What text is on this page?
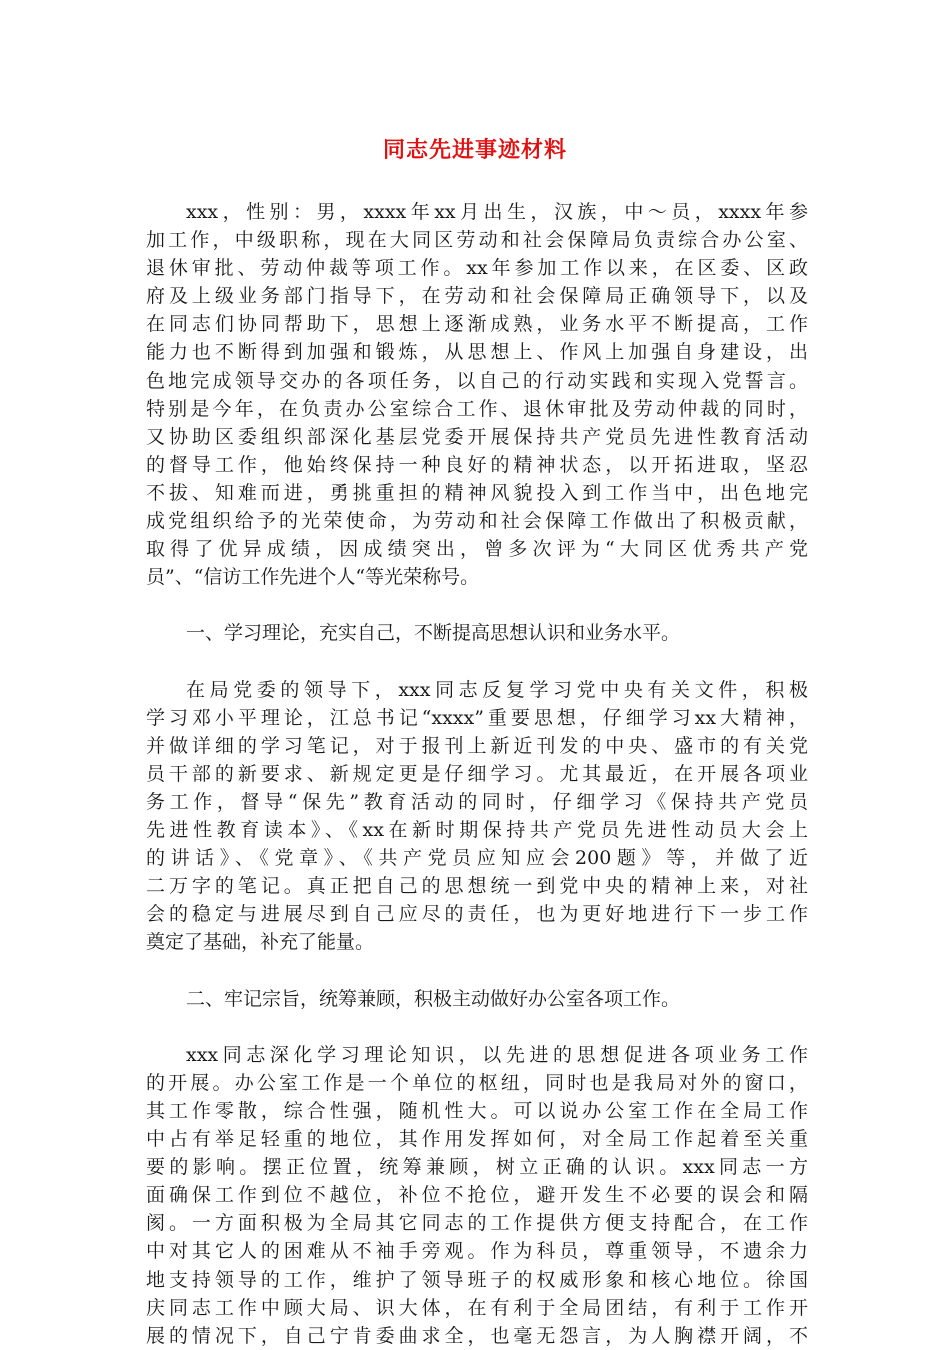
同志先进事迹材料
xxx，性别：男，xxxx年xx月出生，汉族，中～员，xxxx年参
加工作，中级职称，现在大同区劳动和社会保障局负责综合办公室、
退休审批、劳动仲裁等项工作。xx年参加工作以来，在区委、区政
府及上级业务部门指导下，在劳动和社会保障局正确领导下，以及
在同志们协同帮助下，思想上逐渐成熟，业务水平不断提高，工作
能力也不断得到加强和锻炼，从思想上、作风上加强自身建设，出
色地完成领导交办的各项任务，以自己的行动实践和实现入党誓言。
特别是今年，在负责办公室综合工作、退休审批及劳动仲裁的同时，
又协助区委组织部深化基层党委开展保持共产党员先进性教育活动
的督导工作，他始终保持一种良好的精神状态，以开拓进取，坚忍
不拔、知难而进，勇挑重担的精神风貌投入到工作当中，出色地完
成党组织给予的光荣使命，为劳动和社会保障工作做出了积极贡献，
取得了优异成绩，因成绩突出，曾多次评为“大同区优秀共产党
员”、“信访工作先进个人“等光荣称号。
一、学习理论，充实自己，不断提高思想认识和业务水平。
在局党委的领导下，xxx同志反复学习党中央有关文件，积极
学习邓小平理论，江总书记“xxxx”重要思想，仔细学习xx大精神，
并做详细的学习笔记，对于报刊上新近刊发的中央、盛市的有关党
员干部的新要求、新规定更是仔细学习。尤其最近，在开展各项业
务工作，督导“保先”教育活动的同时，仔细学习《保持共产党员
先进性教育读本》、《xx在新时期保持共产党员先进性动员大会上
的讲话》、《党章》、《共产党员应知应会200题》等，并做了近
二万字的笔记。真正把自己的思想统一到党中央的精神上来，对社
会的稳定与进展尽到自己应尽的责任，也为更好地进行下一步工作
奠定了基础，补充了能量。
二、牢记宗旨，统筹兼顾，积极主动做好办公室各项工作。
xxx同志深化学习理论知识，以先进的思想促进各项业务工作
的开展。办公室工作是一个单位的枢纽，同时也是我局对外的窗口，
其工作零散，综合性强，随机性大。可以说办公室工作在全局工作
中占有举足轻重的地位，其作用发挥如何，对全局工作起着至关重
要的影响。摆正位置，统筹兼顾，树立正确的认识。xxx同志一方
面确保工作到位不越位，补位不抢位，避开发生不必要的误会和隔
阂。一方面积极为全局其它同志的工作提供方便支持配合，在工作
中对其它人的困难从不袖手旁观。作为科员，尊重领导，不遗余力
地支持领导的工作，维护了领导班子的权威形象和核心地位。徐国
庆同志工作中顾大局、识大体，在有利于全局团结，有利于工作开
展的情况下，自己宁肯委曲求全，也毫无怨言，为人胸襟开阔，不
